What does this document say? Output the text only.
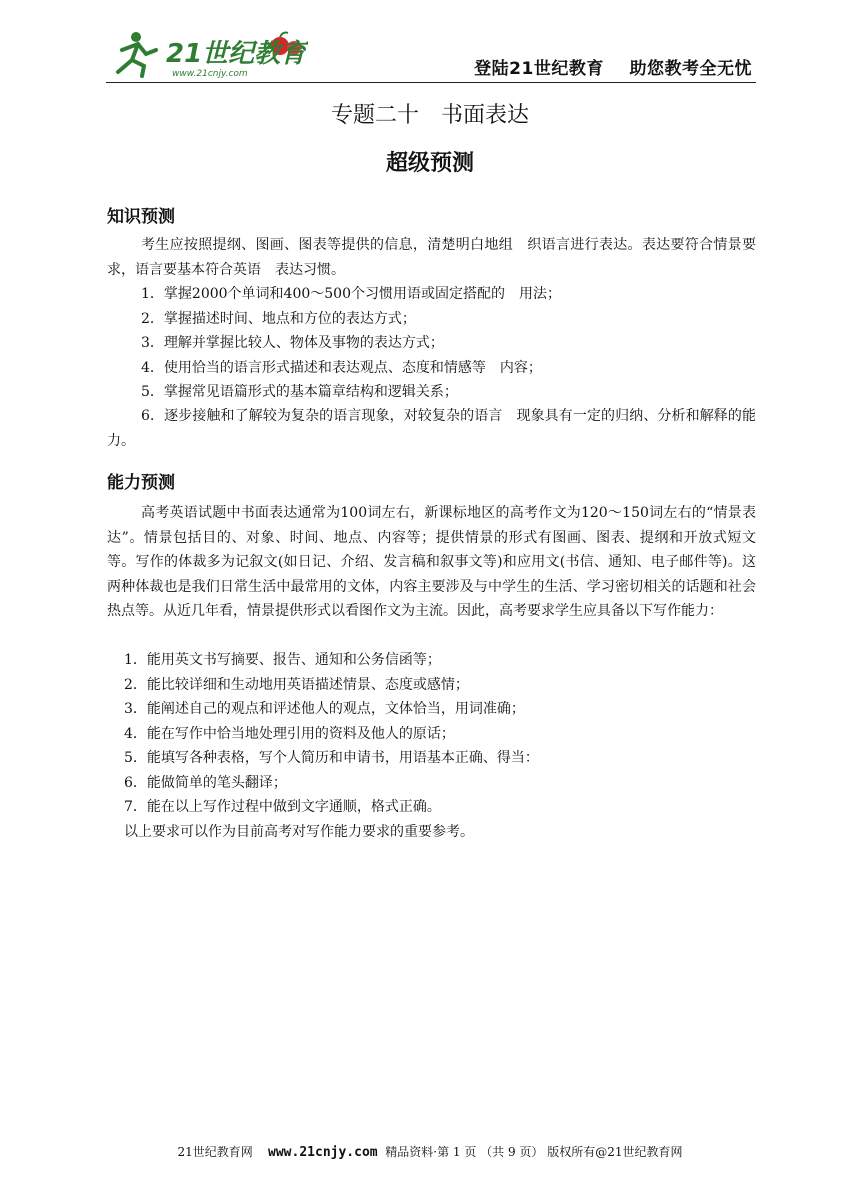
21世纪教育
www.21cnjy.com	登陆21世纪教育    助您教考全无忧
专题二十　书面表达
超级预测
知识预测

考生应按照提纲、图画、图表等提供的信息，清楚明白地组　织语言进行表达。表达要符合情景要求，语言要基本符合英语　表达习惯。

1．掌握2000个单词和400～500个习惯用语或固定搭配的　用法；
2．掌握描述时间、地点和方位的表达方式；
3．理解并掌握比较人、物体及事物的表达方式；
4．使用恰当的语言形式描述和表达观点、态度和情感等　内容；
5．掌握常见语篇形式的基本篇章结构和逻辑关系；

6．逐步接触和了解较为复杂的语言现象，对较复杂的语言　现象具有一定的归纳、分析和解释的能力。

能力预测

高考英语试题中书面表达通常为100词左右，新课标地区的高考作文为120～150词左右的“情景表达”。情景包括目的、对象、时间、地点、内容等；提供情景的形式有图画、图表、提纲和开放式短文等。写作的体裁多为记叙文(如日记、介绍、发言稿和叙事文等)和应用文(书信、通知、电子邮件等)。这两种体裁也是我们日常生活中最常用的文体，内容主要涉及与中学生的生活、学习密切相关的话题和社会热点等。从近几年看，情景提供形式以看图作文为主流。因此，高考要求学生应具备以下写作能力：

1．能用英文书写摘要、报告、通知和公务信函等；
2．能比较详细和生动地用英语描述情景、态度或感情；
3．能阐述自己的观点和评述他人的观点，文体恰当，用词准确；
4．能在写作中恰当地处理引用的资料及他人的原话；
5．能填写各种表格，写个人简历和申请书，用语基本正确、得当：
6．能做简单的笔头翻译；
7．能在以上写作过程中做到文字通顺，格式正确。
以上要求可以作为目前高考对写作能力要求的重要参考。
21世纪教育网 www.21cnjy.com 精品资料·第 1 页 （共 9 页） 版权所有@21世纪教育网
